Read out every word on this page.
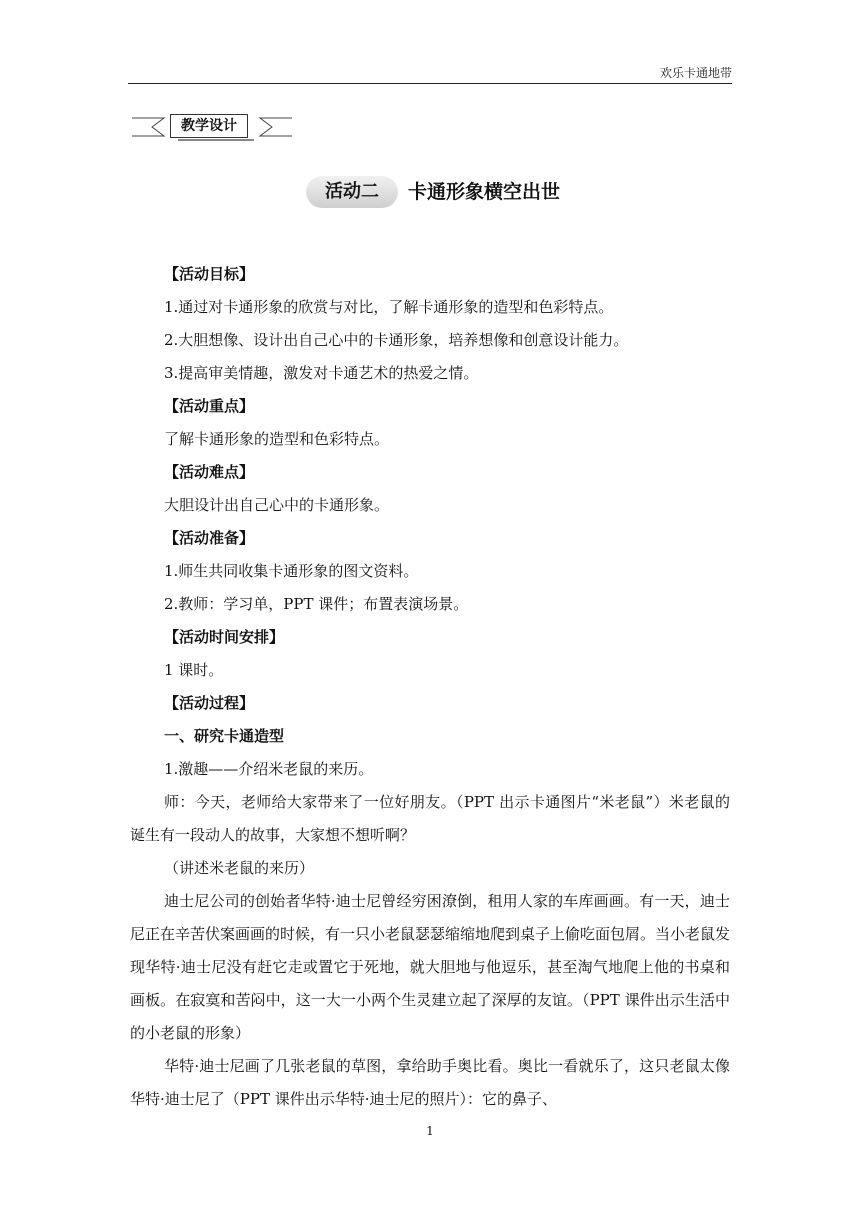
欢乐卡通地带
教学设计
活动二	卡通形象横空出世

【活动目标】

1.通过对卡通形象的欣赏与对比，了解卡通形象的造型和色彩特点。

2.大胆想像、设计出自己心中的卡通形象，培养想像和创意设计能力。

3.提高审美情趣，激发对卡通艺术的热爱之情。

【活动重点】

了解卡通形象的造型和色彩特点。

【活动难点】

大胆设计出自己心中的卡通形象。

【活动准备】

1.师生共同收集卡通形象的图文资料。

2.教师：学习单，PPT 课件；布置表演场景。

【活动时间安排】

1 课时。

【活动过程】

一、研究卡通造型

1.激趣——介绍米老鼠的来历。

师：今天，老师给大家带来了一位好朋友。（PPT 出示卡通图片“米老鼠”）米老鼠的诞生有一段动人的故事，大家想不想听啊？

（讲述米老鼠的来历）

迪士尼公司的创始者华特·迪士尼曾经穷困潦倒，租用人家的车库画画。有一天，迪士尼正在辛苦伏案画画的时候，有一只小老鼠瑟瑟缩缩地爬到桌子上偷吃面包屑。当小老鼠发现华特·迪士尼没有赶它走或置它于死地，就大胆地与他逗乐，甚至淘气地爬上他的书桌和画板。在寂寞和苦闷中，这一大一小两个生灵建立起了深厚的友谊。（PPT 课件出示生活中的小老鼠的形象）

华特·迪士尼画了几张老鼠的草图，拿给助手奥比看。奥比一看就乐了，这只老鼠太像华特·迪士尼了（PPT 课件出示华特·迪士尼的照片）：它的鼻子、

1
